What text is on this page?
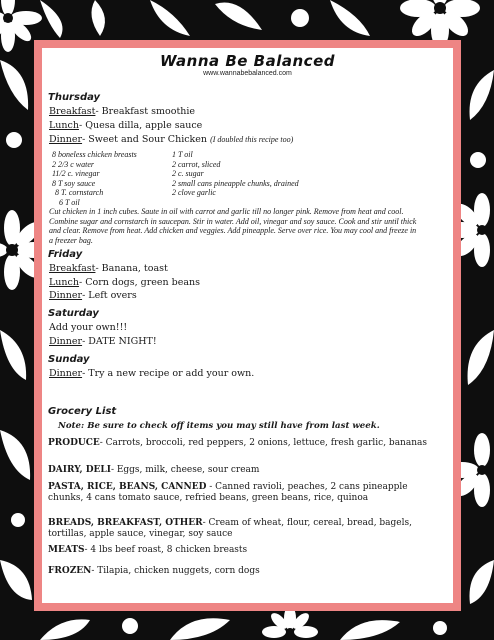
Wanna Be Balanced
www.wannabebalanced.com
Thursday
Breakfast- Breakfast smoothie
Lunch- Quesa dilla, apple sauce
Dinner- Sweet and Sour Chicken (I doubled this recipe too)
8 boneless chicken breasts
2 2/3 c water
11/2 c. vinegar
8 T soy sauce
8 T. cornstarch
6 T oil
1 T oil
2 carrot, sliced
2 c. sugar
2 small cans pineapple chunks, drained
2 clove garlic
Cut chicken in 1 inch cubes. Saute in oil with carrot and garlic till no longer pink. Remove from heat and cool. Combine sugar and cornstarch in saucepan. Stir in water. Add oil, vinegar and soy sauce. Cook and stir until thick and clear. Remove from heat. Add chicken and veggies. Add pineapple. Serve over rice. You may cool and freeze in a freezer bag.
Friday
Breakfast- Banana, toast
Lunch- Corn dogs, green beans
Dinner- Left overs
Saturday
Add your own!!!
Dinner- DATE NIGHT!
Sunday
Dinner- Try a new recipe or add your own.
Grocery List
Note: Be sure to check off items you may still have from last week.
PRODUCE- Carrots, broccoli, red peppers, 2 onions, lettuce, fresh garlic, bananas
DAIRY, DELI- Eggs, milk, cheese, sour cream
PASTA, RICE, BEANS, CANNED - Canned ravioli, peaches, 2 cans pineapple chunks, 4 cans tomato sauce, refried beans, green beans, rice, quinoa
BREADS, BREAKFAST, OTHER- Cream of wheat, flour, cereal, bread, bagels, tortillas, apple sauce, vinegar, soy sauce
MEATS- 4 lbs beef roast, 8 chicken breasts
FROZEN- Tilapia, chicken nuggets, corn dogs
